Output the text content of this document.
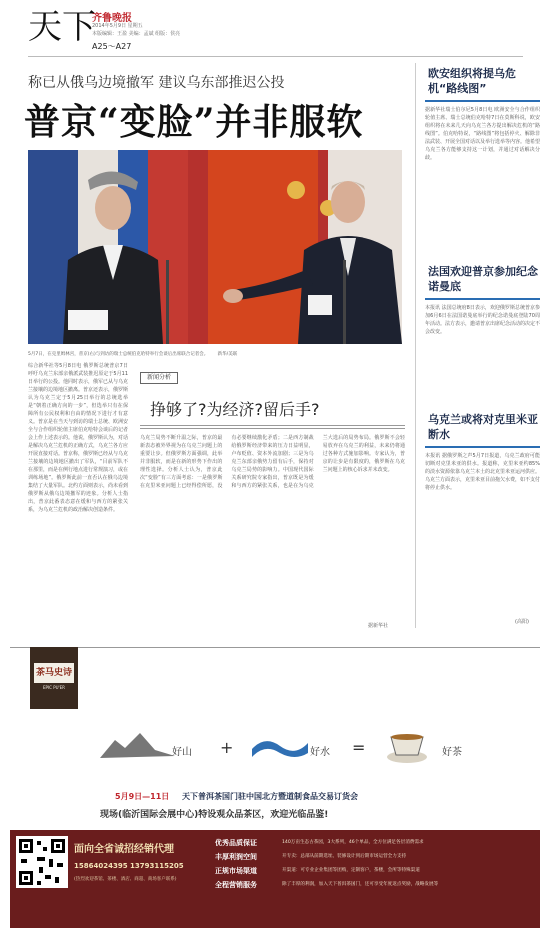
天下
齐鲁晚报
2014年5月9日 星期五
本版编辑：王盈 美编：孟斌 组版：侯亮
A25～A27
称已从俄乌边境撤军 建议乌东部推迟公投
普京“变脸”并非服软
5月7日，在克里姆林宫，普京(右)与到访的瑞士总统伯克哈特举行会谈后出席联合记者会。 新华/美联
综合新华社等5月8日电 俄罗斯总统普京7日呼吁乌克兰东部亲俄派武装推迟原定于5月11日举行的公投。他同时表示，俄军已从与乌克兰接壤的边境地区撤离。普京还表示，俄罗斯认为乌克兰定于5月25日举行的总统选举是“朝着正确方向的一步”，但选举只有在保障所有公民权利和自由的情况下进行才有意义。普京是在当天与到访的瑞士总统、欧洲安全与合作组织轮值主席伯克哈特会谈后的记者会上作上述表示的。他说，俄罗斯认为，对话是解决乌克兰危机的正确方式，乌克兰各方应开展直接对话。普京称，俄罗斯已经从与乌克兰接壤的边境地区撤出了军队，“目前军队不在那里，而是在例行地点进行常规演习，或在训练场地”。俄罗斯此前一直否认在俄乌边境集结了大量军队。北约方面则表示，尚未看到俄罗斯从俄乌边境撤军的迹象。分析人士指出，普京此番表态意在缓和与西方的紧张关系，为乌克兰危机的政治解决创造条件。
新闻分析
挣够了?为经济?留后手?
乌克兰局势不断升温之际，普京的最新表态被外界视为在乌克兰问题上的重要让步。但俄罗斯方面强调，此举并非服软，而是在新的形势下作出的理性选择。分析人士认为，普京此次“变脸”有三方面考虑：一是俄罗斯在克里米亚问题上已经得偿所愿，没有必要继续激化矛盾；二是西方制裁给俄罗斯经济带来的压力日益明显，卢布贬值、资本外流加剧；三是为乌克兰东部亲俄势力留有后手，保持对乌克兰局势的影响力。中国现代国际关系研究院专家指出，普京既是为缓和与西方的紧张关系，也是在为乌克兰大选后的局势布局。俄罗斯不会轻易放弃在乌克兰的利益，未来仍将通过各种方式施加影响。专家认为，普京的让步是有限度的，俄罗斯在乌克兰问题上的核心诉求并未改变。
据新华社
欧安组织将提乌危机“路线图”
据新华社瑞士伯尔尼5月8日电 欧洲安全与合作组织轮值主席、瑞士总统伯克哈特7日在莫斯科说，欧安组织将在未来几天向乌克兰各方提出解决危机的“路线图”。伯克哈特说，“路线图”将包括停火、解除非法武装、开展全国对话以及举行选举等内容。他希望乌克兰各方能够支持这一计划，并通过对话解决分歧。
法国欢迎普京参加纪念诺曼底
本报讯 法国总统府8日表示，欢迎俄罗斯总统普京参加6月6日在法国诺曼底举行的纪念诺曼底登陆70周年活动。法方表示，邀请普京出席纪念活动的决定不会改变。
乌克兰或将对克里米亚断水
本报讯 据俄罗斯之声5月7日报道，乌克兰政府可能切断对克里米亚的供水。报道称，克里米亚约85%的淡水资源依靠乌克兰本土的北克里米亚运河供应。乌克兰方面表示，克里米亚目前拖欠水费，如不支付将停止供水。
(高阳)
茶马史诗
EPIC PU'ER
好山 +	好水 =	好茶
5月9日—11日 天下普洱茶国门驻中国北方暨道制食品交易订货会
现场(临沂国际会展中心)特设观众品茶区，欢迎光临品鉴!
面向全省诚招经销代理
15864024395 13793115205
(热烈欢迎茶馆、茶楼、酒店、商超、商场客户联系)
优秀品质保证
丰厚利润空间
正规市场渠道
全程营销服务
140万亩生态古茶园，3大系列，46个单品，全方位满足各层消费需求
开专卖：总部从前期选址、装修设计到后期市场运营全力支持
开渠道：可专业企业集团等团购，定制客户，茶楼，会所等特殊渠道
除了丰厚的利润，加入天下普洱茶国门，还可享受年度返点奖励，战略发展等
